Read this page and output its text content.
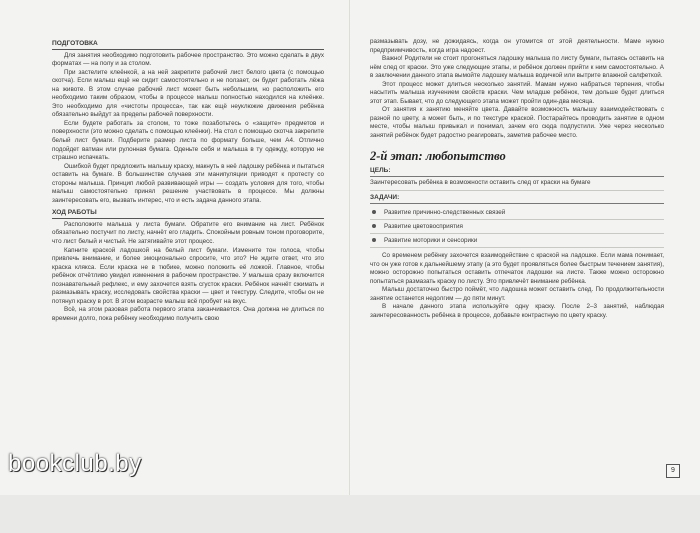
ПОДГОТОВКА

Для занятия необходимо подготовить рабочее пространство. Это можно сделать в двух форматах — на полу и за столом.

При застелите клеёнкой, а на ней закрепите рабочий лист белого цвета (с помощью скотча). Если малыш ещё не сидит самостоятельно и не ползает, он будет работать лёжа на животе. В этом случае рабочий лист может быть небольшим, но расположить его необходимо таким образом, чтобы в процессе малыш полностью находился на клеёнке. Это необходимо для «чистоты процесса», так как ещё неуклюжие движения ребёнка обязательно выйдут за пределы рабочей поверхности.

Если будете работать за столом, то тоже позаботьтесь о «защите» предметов и поверхности (это можно сделать с помощью клеёнки). На стол с помощью скотча закрепите белый лист бумаги. Подберите размер листа по формату больше, чем А4. Отлично подойдет ватман или рулонная бумага. Оденьте себя и малыша в ту одежду, которую не страшно испачкать.

Ошибкой будет предложить малышу краску, макнуть в неё ладошку ребёнка и пытаться оставить на бумаге. В большинстве случаев эти манипуляции приводят к протесту со стороны малыша. Принцип любой развивающей игры — создать условия для того, чтобы малыш самостоятельно принял решение участвовать в процессе. Мы должны заинтересовать его, вызвать интерес, что и есть задача данного этапа.

ХОД РАБОТЫ

Расположите малыша у листа бумаги. Обратите его внимание на лист. Ребёнок обязательно постучит по листу, начнёт его гладить. Спокойным ровным тоном проговорите, что лист белый и чистый. Не затягивайте этот процесс.

Капните краской ладошкой на белый лист бумаги. Измените тон голоса, чтобы привлечь внимание, и более эмоционально спросите, что это? Не ждите ответ, что это краска клякса. Если краска не в тюбике, можно положить её ложкой. Главное, чтобы ребёнок отчётливо увидел изменения в рабочем пространстве. У малыша сразу включится познавательный рефлекс, и ему захочется взять сгусток краски. Ребёнок начнёт сжимать и размазывать краску, исследовать свойства краски — цвет и текстуру. Следите, чтобы он не потянул краску в рот. В этом возрасте малыш всё пробует на вкус.

Всё, на этом разовая работа первого этапа заканчивается. Она должна не длиться по времени долго, пока ребёнку необходимо получить свою

размазывать дозу, не дожидаясь, когда он утомится от этой деятельности. Маме нужно предприимчивость, когда игра надоест.

Важно! Родители не стоит прогоняться ладошку малыша по листу бумаги, пытаясь оставить на нём след от краски. Это уже следующие этапы, и ребёнок должен прийти к ним самостоятельно. А в заключении данного этапа вымойте ладошку малыша водичкой или вытрите влажной салфеткой.

Этот процесс может длиться несколько занятий. Мамам нужно набраться терпения, чтобы насытить малыша изучением свойств краски. Чем младше ребёнок, тем дольше будет длиться этот этап. Бывает, что до следующего этапа может пройти один-два месяца.

От занятия к занятию меняйте цвета. Давайте возможность малышу взаимодействовать с разной по цвету, а может быть, и по текстуре краской. Постарайтесь проводить занятие в одном месте, чтобы малыш привыкал и понимал, зачем его сюда подпустили. Уже через несколько занятий ребёнок будет радостно реагировать, заметив рабочее место.

2-й этап: любопытство
ЦЕЛЬ:

Заинтересовать ребёнка в возможности оставить след от краски на бумаге

ЗАДАЧИ:
Развитие причинно-следственных связей
Развитие цветовосприятия
Развитие моторики и сенсорики

Со временем ребёнку захочется взаимодействие с краской на ладошке. Если мама понимает, что он уже готов к дальнейшему этапу (а это будет проявляться более быстрым течением занятия), можно осторожно попытаться оставить отпечаток ладошки на листе. Также можно осторожно попытаться размазать краску по листу. Это привлечёт внимание ребёнка.

Малыш достаточно быстро поймёт, что ладошка может оставить след. По продолжительности занятие останется недолгим — до пяти минут.

В начале данного этапа используйте одну краску. После 2–3 занятий, наблюдая заинтересованность ребёнка в процессе, добавьте контрастную по цвету краску.

9
bookclub.by
